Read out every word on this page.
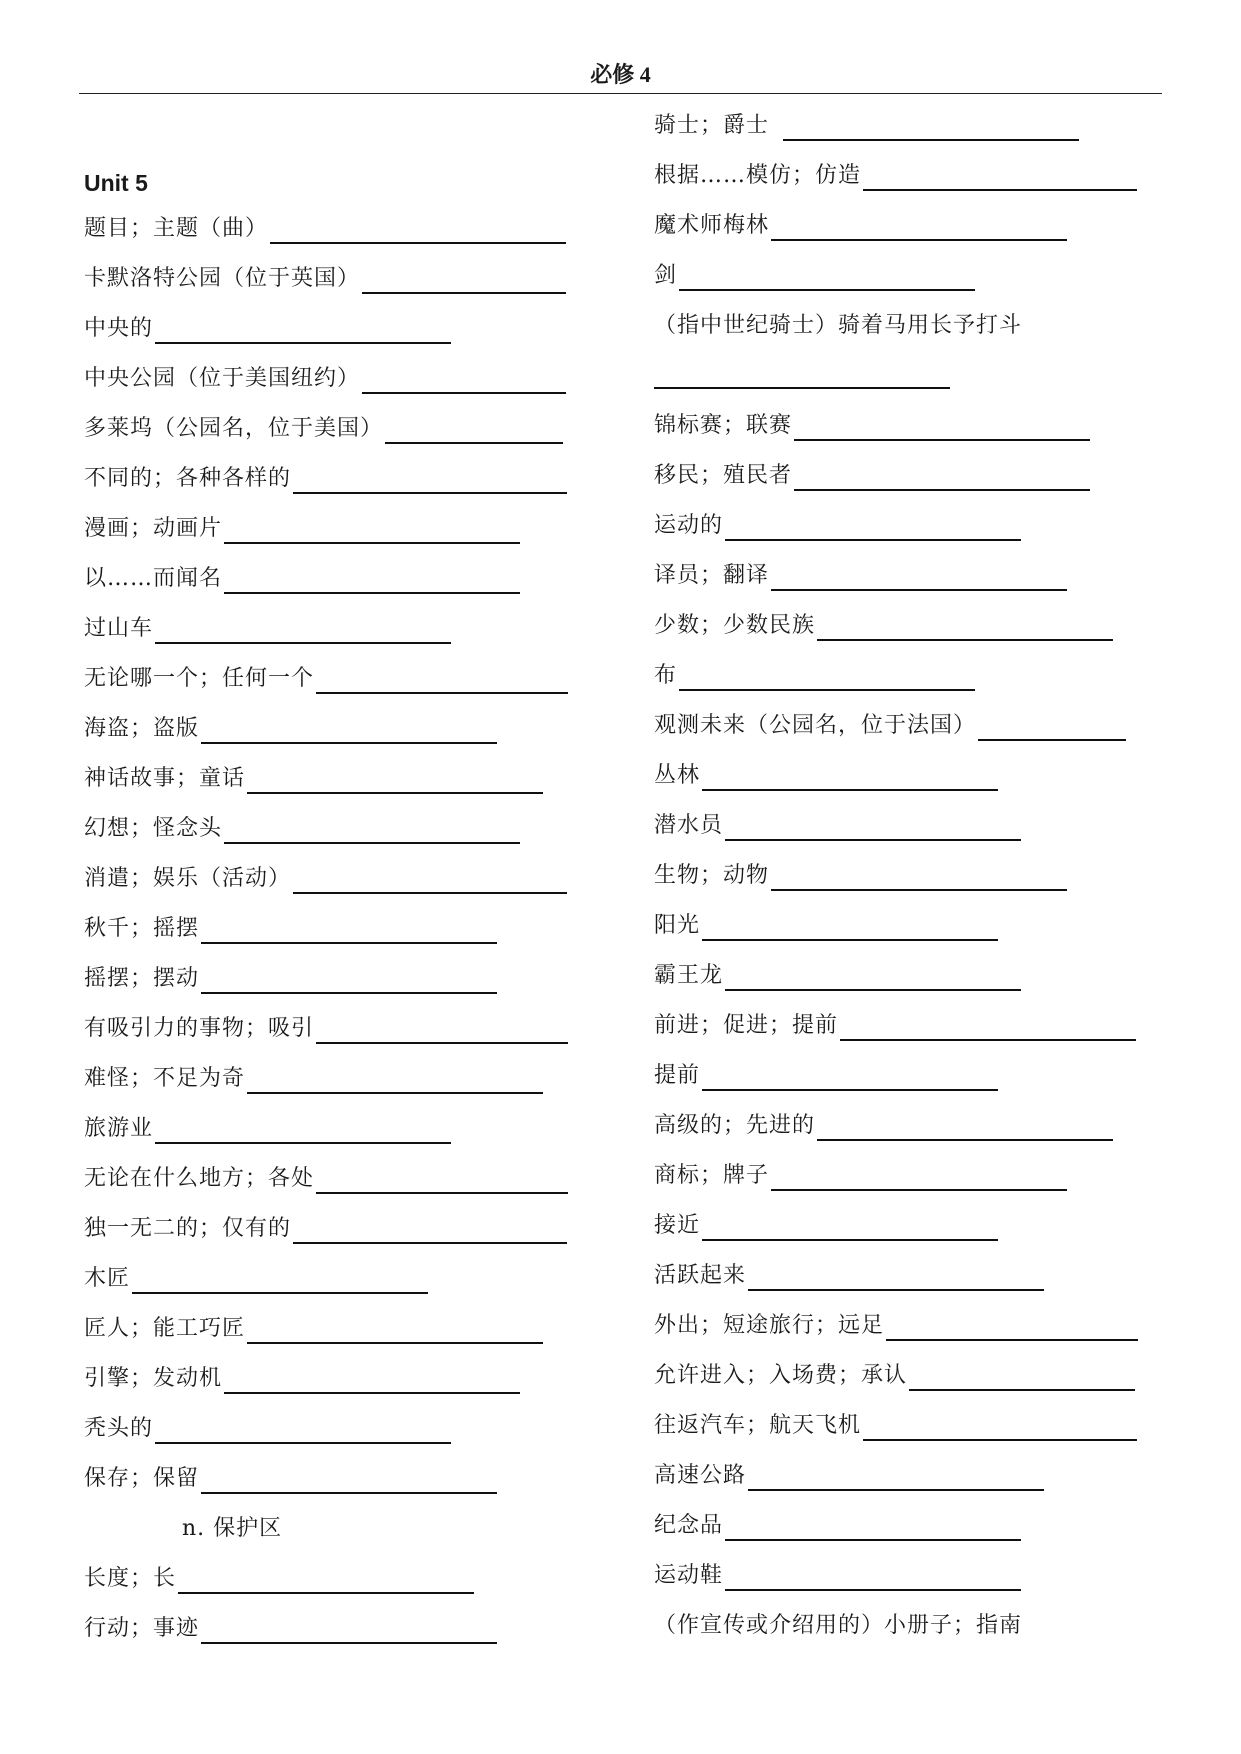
必修 4
Unit 5
题目；主题（曲）
卡默洛特公园（位于英国）
中央的
中央公园（位于美国纽约）
多莱坞（公园名，位于美国）
不同的；各种各样的
漫画；动画片
以……而闻名
过山车
无论哪一个；任何一个
海盗；盗版
神话故事；童话
幻想；怪念头
消遣；娱乐（活动）
秋千；摇摆
摇摆；摆动
有吸引力的事物；吸引
难怪；不足为奇
旅游业
无论在什么地方；各处
独一无二的；仅有的
木匠
匠人；能工巧匠
引擎；发动机
秃头的
保存；保留
n. 保护区
长度；长
行动；事迹
骑士；爵士
根据……模仿；仿造
魔术师梅林
剑
（指中世纪骑士）骑着马用长予打斗
锦标赛；联赛
移民；殖民者
运动的
译员；翻译
少数；少数民族
布
观测未来（公园名，位于法国）
丛林
潜水员
生物；动物
阳光
霸王龙
前进；促进；提前
提前
高级的；先进的
商标；牌子
接近
活跃起来
外出；短途旅行；远足
允许进入；入场费；承认
往返汽车；航天飞机
高速公路
纪念品
运动鞋
（作宣传或介绍用的）小册子；指南
